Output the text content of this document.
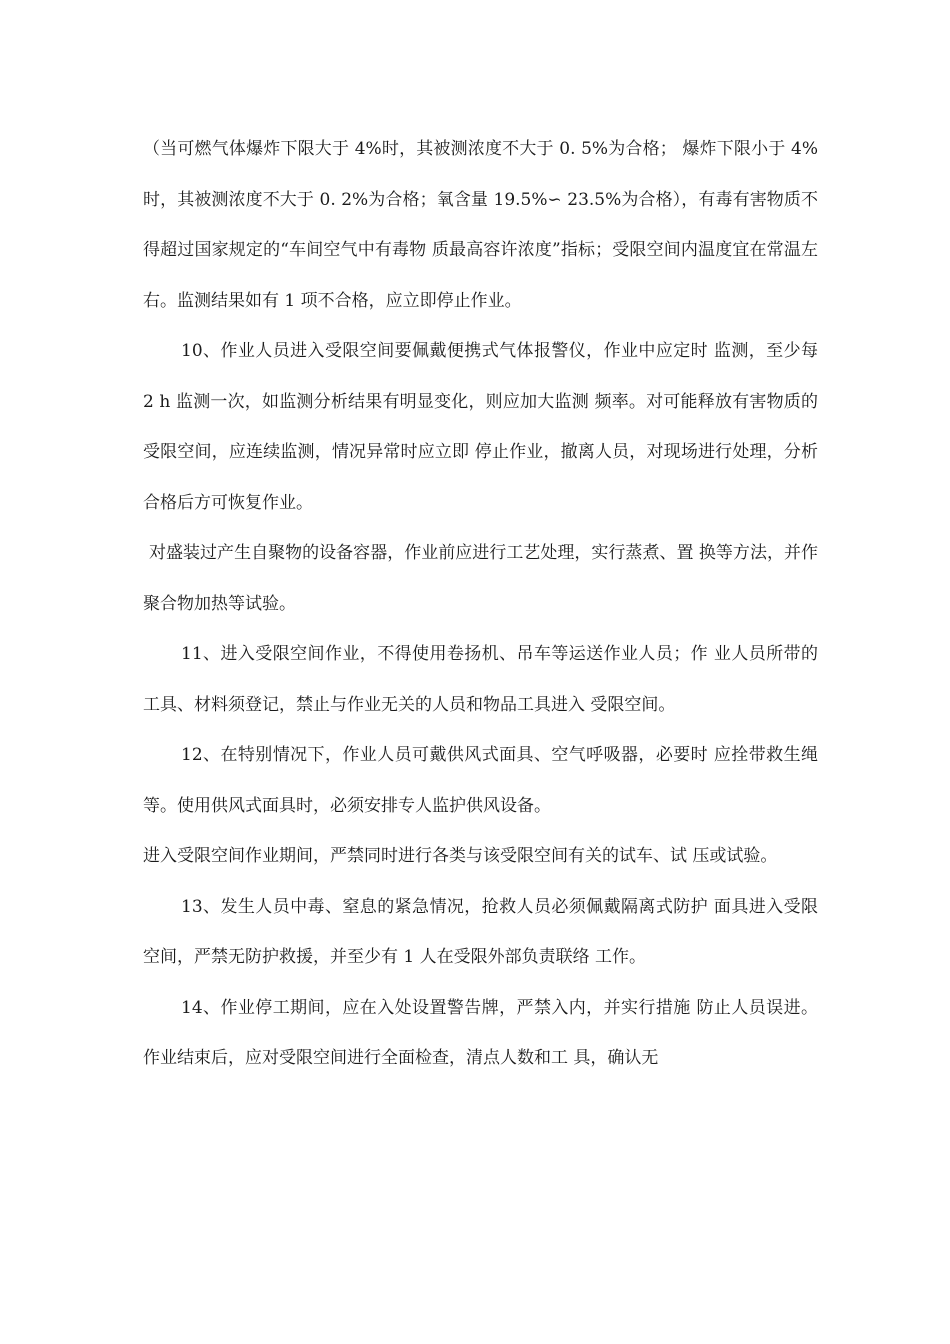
（当可燃气体爆炸下限大于 4%时，其被测浓度不大于 0. 5%为合格； 爆炸下限小于 4%时，其被测浓度不大于 0. 2%为合格；氧含量 19.5%∽ 23.5%为合格），有毒有害物质不得超过国家规定的“车间空气中有毒物 质最高容许浓度”指标；受限空间内温度宜在常温左右。监测结果如有 1 项不合格，应立即停止作业。

10、作业人员进入受限空间要佩戴便携式气体报警仪，作业中应定时 监测，至少每 2 h 监测一次，如监测分析结果有明显变化，则应加大监测 频率。对可能释放有害物质的受限空间，应连续监测，情况异常时应立即 停止作业，撤离人员，对现场进行处理，分析合格后方可恢复作业。

对盛装过产生自聚物的设备容器，作业前应进行工艺处理，实行蒸煮、置 换等方法，并作聚合物加热等试验。

11、进入受限空间作业，不得使用卷扬机、吊车等运送作业人员；作 业人员所带的工具、材料须登记，禁止与作业无关的人员和物品工具进入 受限空间。

12、在特别情况下，作业人员可戴供风式面具、空气呼吸器，必要时 应拴带救生绳等。使用供风式面具时，必须安排专人监护供风设备。

进入受限空间作业期间，严禁同时进行各类与该受限空间有关的试车、试 压或试验。

13、发生人员中毒、窒息的紧急情况，抢救人员必须佩戴隔离式防护 面具进入受限空间，严禁无防护救援，并至少有 1 人在受限外部负责联络 工作。

14、作业停工期间，应在入处设置警告牌，严禁入内，并实行措施 防止人员误进。作业结束后，应对受限空间进行全面检查，清点人数和工 具，确认无
